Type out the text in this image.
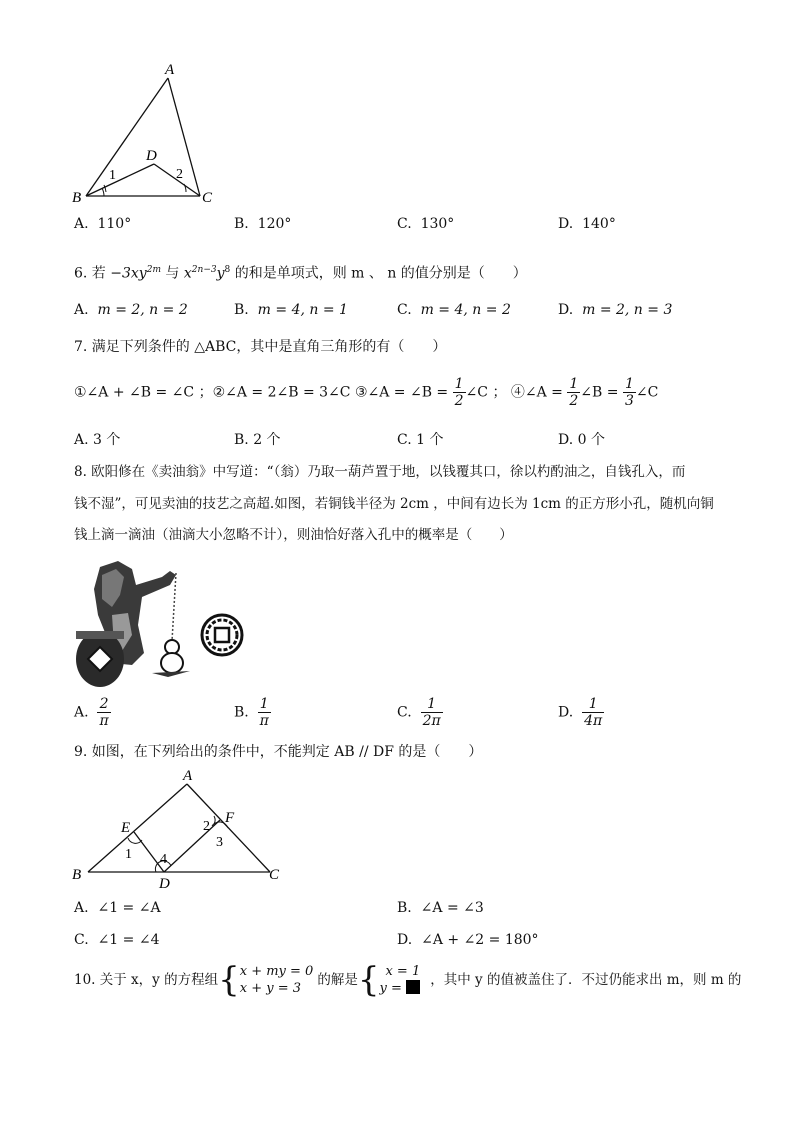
A
B	C
D
1	2
A. 110°	B. 120°	C. 130°	D. 140°
6. 若 $-3xy^{2m}$ 与 $x^{2n-3}y^8$ 的和是单项式，则 m 、 n 的值分别是（　　）
A. m = 2, n = 2	B. m = 4, n = 1	C. m = 4, n = 2	D. m = 2, n = 3
7. 满足下列条件的 △ABC，其中是直角三角形的有（　　）
①∠A + ∠B = ∠C ；②∠A = 2∠B = 3∠C ③∠A = ∠B = $\frac{1}{2}$ ∠C ； ④∠A = $\frac{1}{2}$ ∠B = $\frac{1}{3}$ ∠C
A. 3 个	B. 2 个	C. 1 个	D. 0 个
8. 欧阳修在《卖油翁》中写道：“（翁）乃取一葫芦置于地，以钱覆其口，徐以杓酌油之，自钱孔入，而
钱不湿”，可见卖油的技艺之高超.如图，若铜钱半径为 2cm ，中间有边长为 1cm 的正方形小孔，随机向铜
钱上滴一滴油（油滴大小忽略不计），则油恰好落入孔中的概率是（　　）
A. $\frac{2}{\pi}$	B. $\frac{1}{\pi}$	C. $\frac{1}{2\pi}$	D. $\frac{1}{4\pi}$
9. 如图，在下列给出的条件中，不能判定 AB // DF 的是（　　）
A
B	C
D
E
F
1
2
3
4
A. ∠1 = ∠A	B. ∠A = ∠3
C. ∠1 = ∠4	D. ∠A + ∠2 = 180°
10. 关于 x，y 的方程组{ x + my = 0
x + y = 3
的解是{ x = 1
y =
，其中 y 的值被盖住了．不过仍能求出 m，则 m 的
